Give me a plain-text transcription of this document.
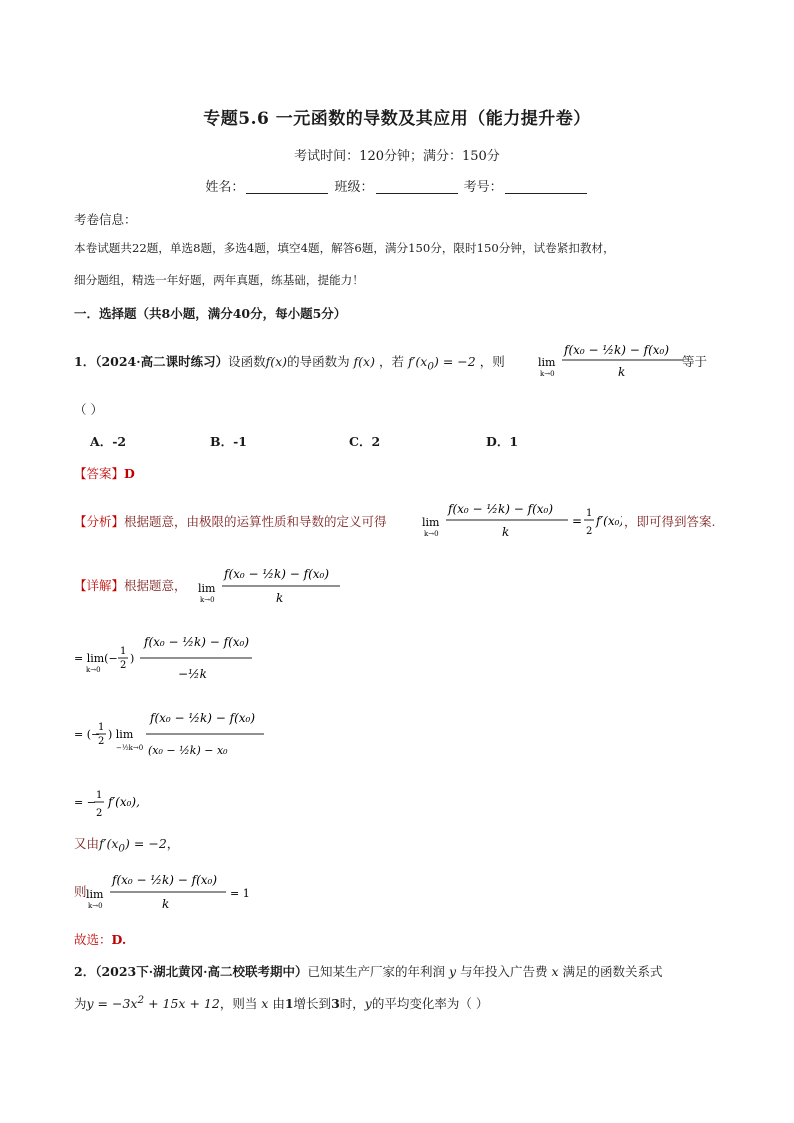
专题5.6 一元函数的导数及其应用（能力提升卷）
考试时间：120分钟；满分：150分
姓名：	班级：	考号：
考卷信息：
本卷试题共22题，单选8题，多选4题，填空4题，解答6题，满分150分，限时150分钟，试卷紧扣教材，
细分题组，精选一年好题，两年真题，练基础，提能力！
一．选择题（共8小题，满分40分，每小题5分）
1．（2024·高二课时练习）设函数f(x)的导函数为 f(x) ，若 $f'(x_0) = -2$ ，则	lim
k→0
f(x₀ − ½k) − f(x₀)
k
等于
（ ）
A．-2	B．-1	C．2	D．1
【答案】D
【分析】根据题意，由极限的运算性质和导数的定义可得	lim
k→0
f(x₀ − ½k) − f(x₀)
k
=
1
2
f′(x₀) ，即可得到答案.
【详解】根据题意， lim
k→0
f(x₀ − ½k) − f(x₀)
k
= lim(−
k→0
1
2
)
f(x₀ − ½k) − f(x₀)
−½k
= (−
1
2
) lim
−½k→0
f(x₀ − ½k) − f(x₀)
(x₀ − ½k) − x₀
= −
1
2
f′(x₀),
又由$f'(x_0) = -2$，
则 lim
k→0
f(x₀ − ½k) − f(x₀)
k
= 1
故选：D.
2．（2023下·湖北黄冈·高二校联考期中）已知某生产厂家的年利润 y 与年投入广告费 x 满足的函数关系式
为$y = -3x^2 + 15x + 12$，则当 x 由1增长到3时，y的平均变化率为（ ）
